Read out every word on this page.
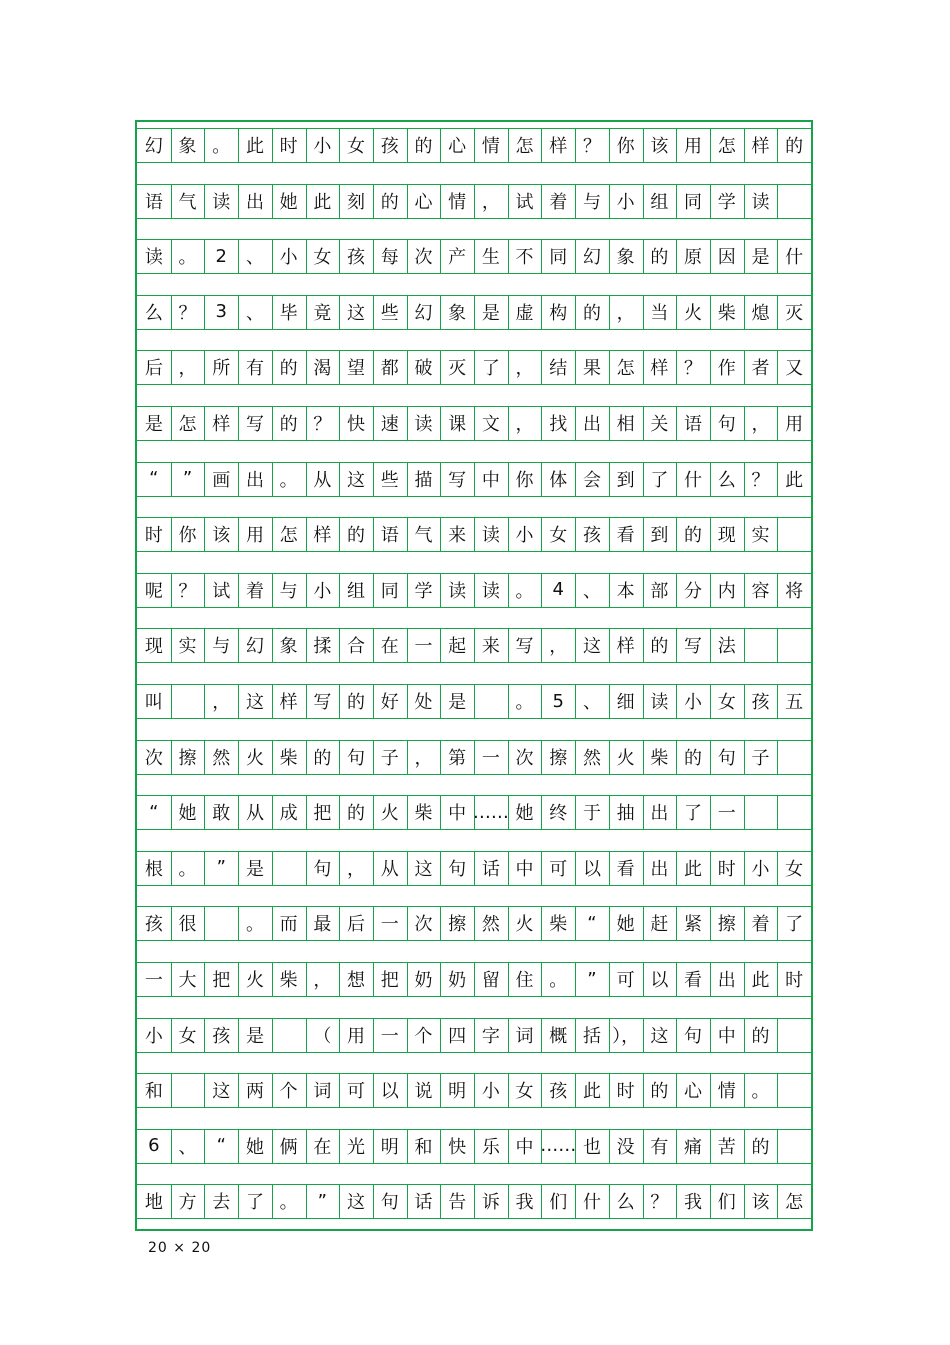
幻 象 。 此 时 小 女 孩 的 心 情 怎 样 ？ 你 该 用 怎 样 的
语 气 读 出 她 此 刻 的 心 情 ， 试 着 与 小 组 同 学 读
读 。	2	、 小 女 孩 每 次 产 生 不 同 幻 象 的 原 因 是 什
么 ？	3	、 毕 竟 这 些 幻 象 是 虚 构 的 ， 当 火 柴 熄 灭
后 ， 所 有 的 渴 望 都 破 灭 了 ， 结 果 怎 样 ？ 作 者 又
是 怎 样 写 的 ？ 快 速 读 课 文 ， 找 出 相 关 语 句 ， 用
“	”	画 出 。 从 这 些 描 写 中 你 体 会 到 了 什 么 ？ 此
时 你 该 用 怎 样 的 语 气 来 读 小 女 孩 看 到 的 现 实
呢 ？ 试 着 与 小 组 同 学 读 读 。	4	、 本 部 分 内 容 将
现 实 与 幻 象 揉 合 在 一 起 来 写 ， 这 样 的 写 法
叫	， 这 样 写 的 好 处 是	。	5	、 细 读 小 女 孩 五
次 擦 然 火 柴 的 句 子 ， 第 一 次 擦 然 火 柴 的 句 子
“	她 敢 从 成 把 的 火 柴 中 …… 她 终 于 抽 出 了 一
根 。	”	是	句 ， 从 这 句 话 中 可 以 看 出 此 时 小 女
孩 很	。 而 最 后 一 次 擦 然 火 柴	“	她 赶 紧 擦 着 了
一 大 把 火 柴 ， 想 把 奶 奶 留 住 。	”	可 以 看 出 此 时
小 女 孩 是	（ 用 一 个 四 字 词 概 括 ）， 这 句 中 的
和	这 两 个 词 可 以 说 明 小 女 孩 此 时 的 心 情 。
6	、	“	她 俩 在 光 明 和 快 乐 中 …… 也 没 有 痛 苦 的
地 方 去 了 。	”	这 句 话 告 诉 我 们 什 么 ？ 我 们 该 怎
20 × 20
